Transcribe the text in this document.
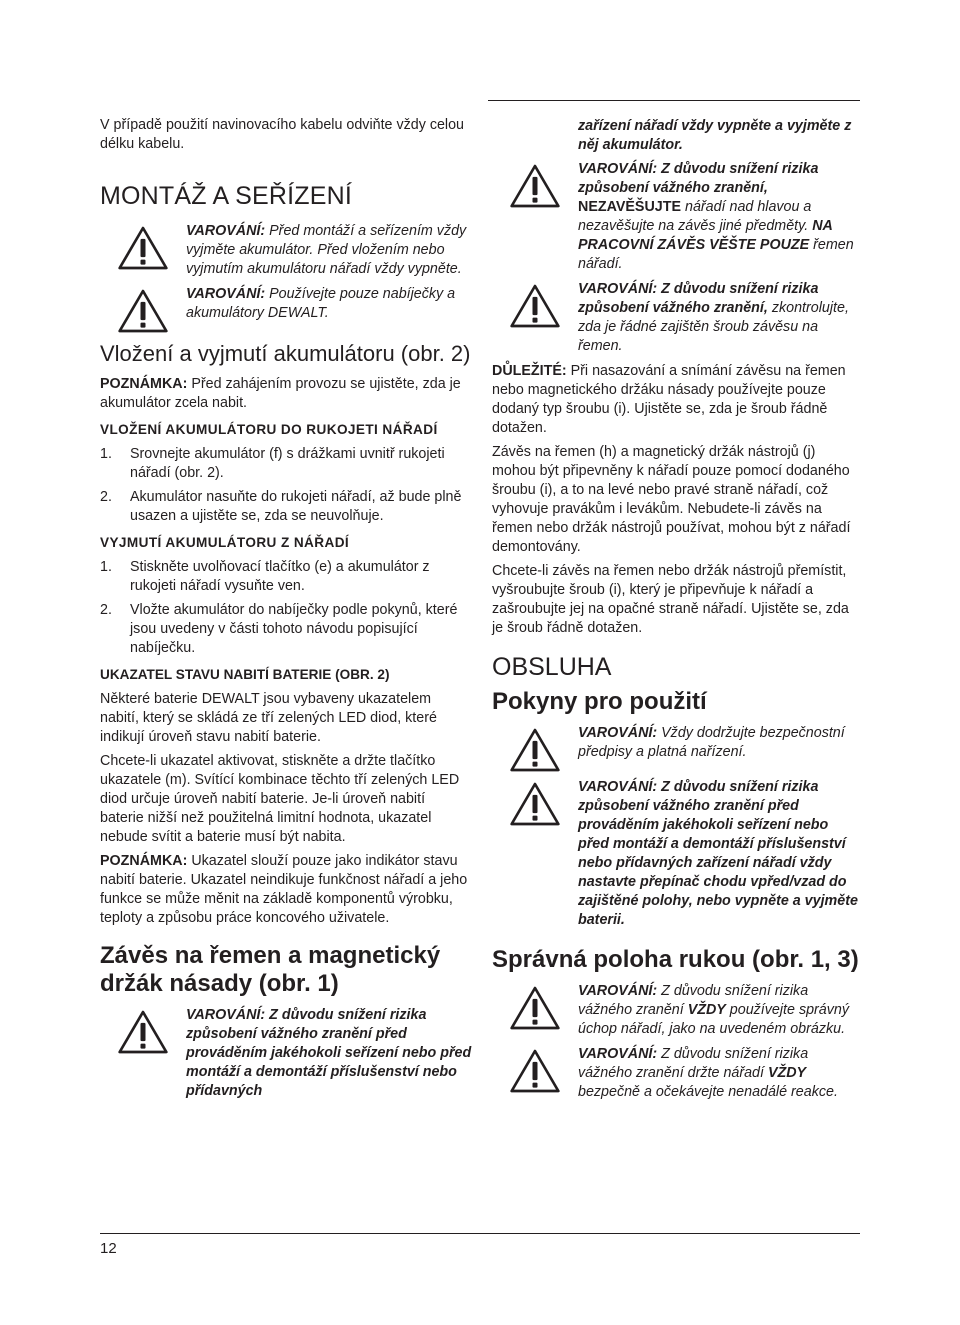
V případě použití navinovacího kabelu odviňte vždy celou délku kabelu.

MONTÁŽ A SEŘÍZENÍ
VAROVÁNÍ: Před montáží a seřízením vždy vyjměte akumulátor. Před vložením nebo vyjmutím akumulátoru nářadí vždy vypněte.
VAROVÁNÍ: Používejte pouze nabíječky a akumulátory DEWALT.
Vložení a vyjmutí akumulátoru (obr. 2)

POZNÁMKA: Před zahájením provozu se ujistěte, zda je akumulátor zcela nabit.

VLOŽENÍ AKUMULÁTORU DO RUKOJETI NÁŘADÍ
1. Srovnejte akumulátor (f) s drážkami uvnitř rukojeti nářadí (obr. 2).
2. Akumulátor nasuňte do rukojeti nářadí, až bude plně usazen a ujistěte se, zda se neuvolňuje.
VYJMUTÍ AKUMULÁTORU Z NÁŘADÍ
1. Stiskněte uvolňovací tlačítko (e) a akumulátor z rukojeti nářadí vysuňte ven.
2. Vložte akumulátor do nabíječky podle pokynů, které jsou uvedeny v části tohoto návodu popisující nabíječku.
UKAZATEL STAVU NABITÍ BATERIE (OBR. 2)

Některé baterie DEWALT jsou vybaveny ukazatelem nabití, který se skládá ze tří zelených LED diod, které indikují úroveň stavu nabití baterie.

Chcete-li ukazatel aktivovat, stiskněte a držte tlačítko ukazatele (m). Svítící kombinace těchto tří zelených LED diod určuje úroveň nabití baterie. Je-li úroveň nabití baterie nižší než použitelná limitní hodnota, ukazatel nebude svítit a baterie musí být nabita.

POZNÁMKA: Ukazatel slouží pouze jako indikátor stavu nabití baterie. Ukazatel neindikuje funkčnost nářadí a jeho funkce se může měnit na základě komponentů výrobku, teploty a způsobu práce koncového uživatele.

Závěs na řemen a magnetický držák násady (obr. 1)
VAROVÁNÍ: Z důvodu snížení rizika způsobení vážného zranění před prováděním jakéhokoli seřízení nebo před montáží a demontáží příslušenství nebo přídavných

zařízení nářadí vždy vypněte a vyjměte z něj akumulátor.

VAROVÁNÍ: Z důvodu snížení rizika způsobení vážného zranění,
NEZAVĚŠUJTE nářadí nad hlavou a nezavěšujte na závěs jiné předměty. NA PRACOVNÍ ZÁVĚS VĚŠTE POUZE řemen nářadí.
VAROVÁNÍ: Z důvodu snížení rizika způsobení vážného zranění, zkontrolujte, zda je řádné zajištěn šroub závěsu na řemen.

DŮLEŽITÉ: Při nasazování a snímání závěsu na řemen nebo magnetického držáku násady používejte pouze dodaný typ šroubu (i). Ujistěte se, zda je šroub řádně dotažen.

Závěs na řemen (h) a magnetický držák nástrojů (j) mohou být připevněny k nářadí pouze pomocí dodaného šroubu (i), a to na levé nebo pravé straně nářadí, což vyhovuje pravákům i levákům. Nebudete-li závěs na řemen nebo držák nástrojů používat, mohou být z nářadí demontovány.

Chcete-li závěs na řemen nebo držák nástrojů přemístit, vyšroubujte šroub (i), který je připevňuje k nářadí a zašroubujte jej na opačné straně nářadí. Ujistěte se, zda je šroub řádně dotažen.

OBSLUHA
Pokyny pro použití
VAROVÁNÍ: Vždy dodržujte bezpečnostní předpisy a platná nařízení.
VAROVÁNÍ: Z důvodu snížení rizika způsobení vážného zranění před prováděním jakéhokoli seřízení nebo před montáží a demontáží příslušenství nebo přídavných zařízení nářadí vždy nastavte přepínač chodu vpřed/vzad do zajištěné polohy, nebo vypněte a vyjměte baterii.
Správná poloha rukou (obr. 1, 3)
VAROVÁNÍ: Z důvodu snížení rizika vážného zranění VŽDY používejte správný úchop nářadí, jako na uvedeném obrázku.
VAROVÁNÍ: Z důvodu snížení rizika vážného zranění držte nářadí VŽDY bezpečně a očekávejte nenadálé reakce.
12
